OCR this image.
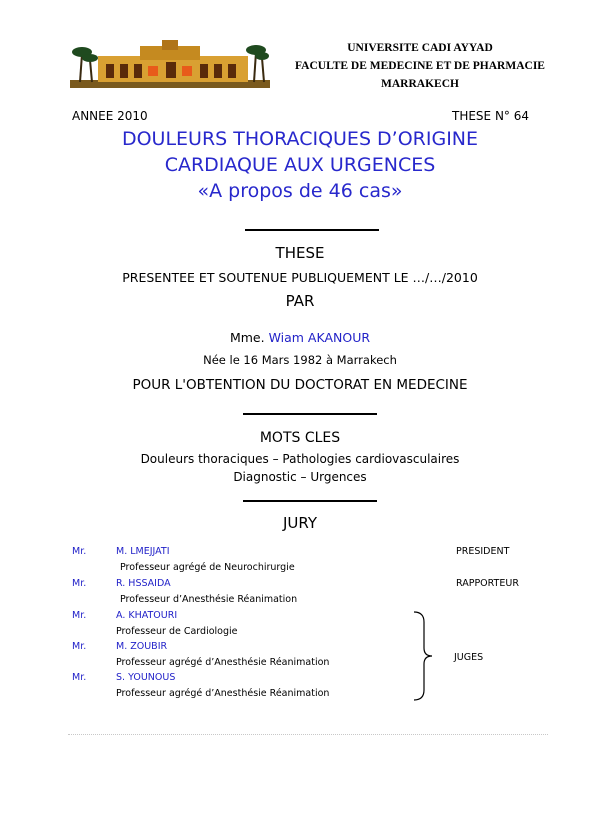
UNIVERSITE CADI AYYAD
FACULTE DE MEDECINE ET DE PHARMACIE
MARRAKECH
ANNEE 2010	THESE N° 64
DOULEURS THORACIQUES D’ORIGINE
CARDIAQUE AUX URGENCES
«A propos de 46 cas»
THESE
PRESENTEE ET SOUTENUE PUBLIQUEMENT LE …/…/2010
PAR
Mme. Wiam AKANOUR
Née le 16 Mars 1982 à Marrakech
POUR L'OBTENTION DU DOCTORAT EN MEDECINE
MOTS CLES
Douleurs thoraciques – Pathologies cardiovasculaires
Diagnostic – Urgences
JURY
Mr.	M. LMEJJATI	PRESIDENT
Professeur agrégé de Neurochirurgie
Mr.	R. HSSAIDA	RAPPORTEUR
Professeur d’Anesthésie Réanimation
Mr.	A. KHATOURI
Professeur de Cardiologie
Mr.	M. ZOUBIR
Professeur agrégé d’Anesthésie Réanimation
Mr.	S. YOUNOUS
Professeur agrégé d’Anesthésie Réanimation
JUGES
